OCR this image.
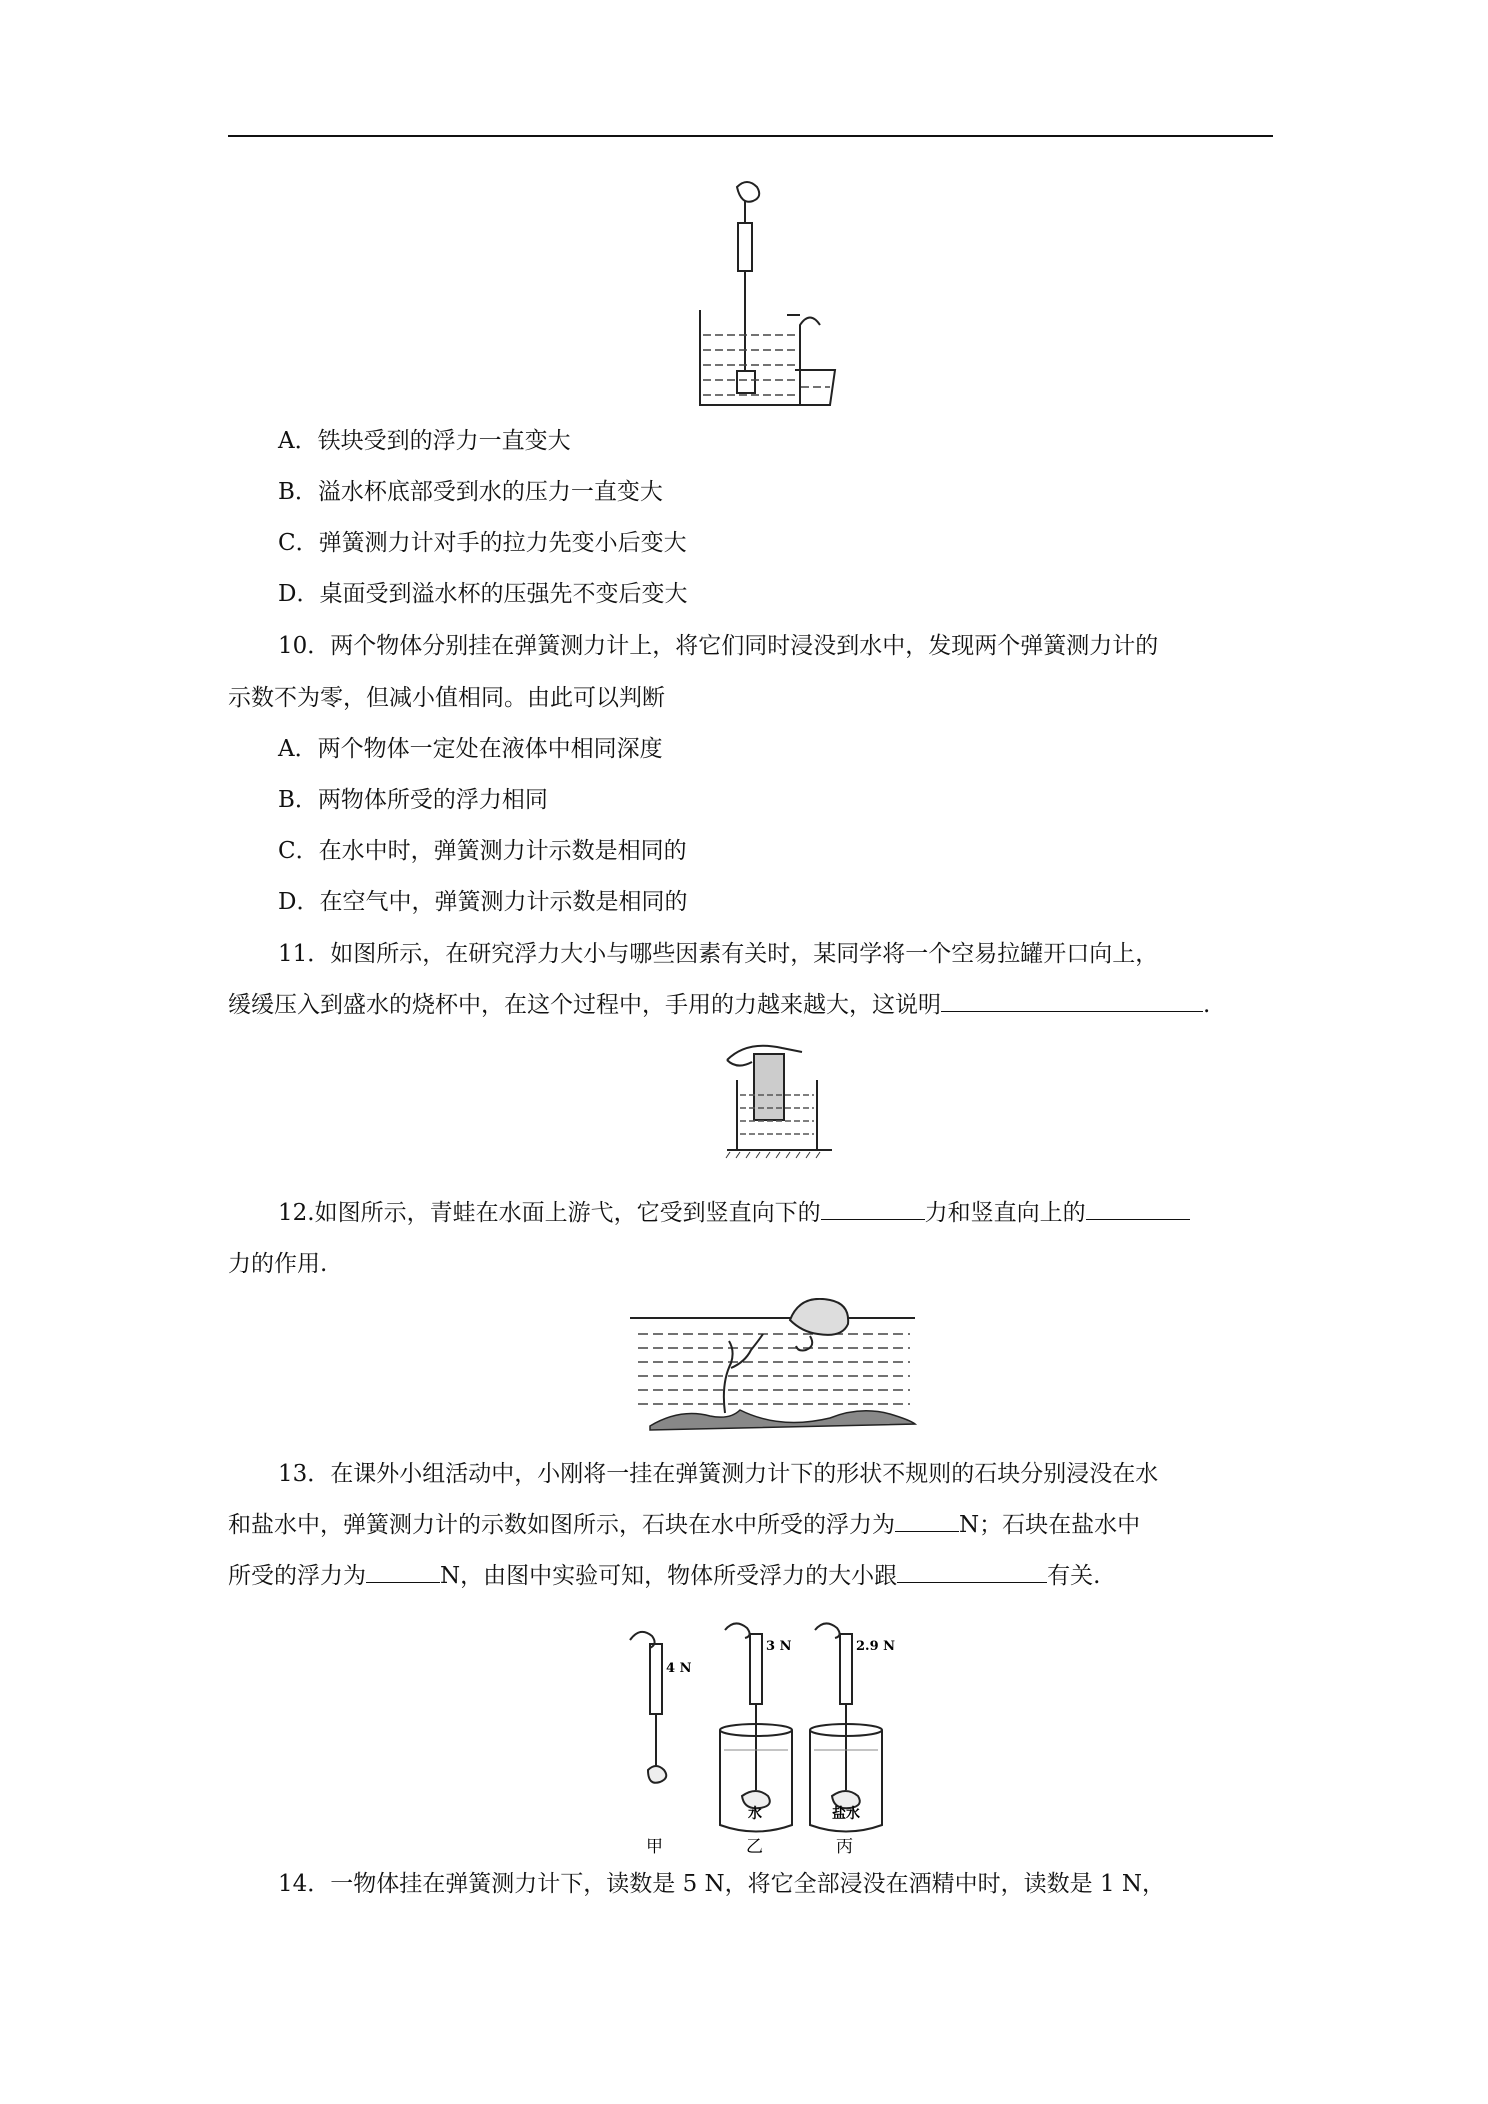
A．铁块受到的浮力一直变大
B．溢水杯底部受到水的压力一直变大
C．弹簧测力计对手的拉力先变小后变大
D．桌面受到溢水杯的压强先不变后变大
10．两个物体分别挂在弹簧测力计上，将它们同时浸没到水中，发现两个弹簧测力计的
示数不为零，但减小值相同。由此可以判断
A．两个物体一定处在液体中相同深度
B．两物体所受的浮力相同
C．在水中时，弹簧测力计示数是相同的
D．在空气中，弹簧测力计示数是相同的
11．如图所示，在研究浮力大小与哪些因素有关时，某同学将一个空易拉罐开口向上，
缓缓压入到盛水的烧杯中，在这个过程中，手用的力越来越大，这说明	.
12.如图所示，青蛙在水面上游弋，它受到竖直向下的	力和竖直向上的
力的作用.
13．在课外小组活动中，小刚将一挂在弹簧测力计下的形状不规则的石块分别浸没在水
和盐水中，弹簧测力计的示数如图所示，石块在水中所受的浮力为	N；石块在盐水中
所受的浮力为	N，由图中实验可知，物体所受浮力的大小跟	有关.
4 N
3 N	2.9 N
水	盐水
甲	乙	丙
14．一物体挂在弹簧测力计下，读数是 5 N，将它全部浸没在酒精中时，读数是 1 N，
